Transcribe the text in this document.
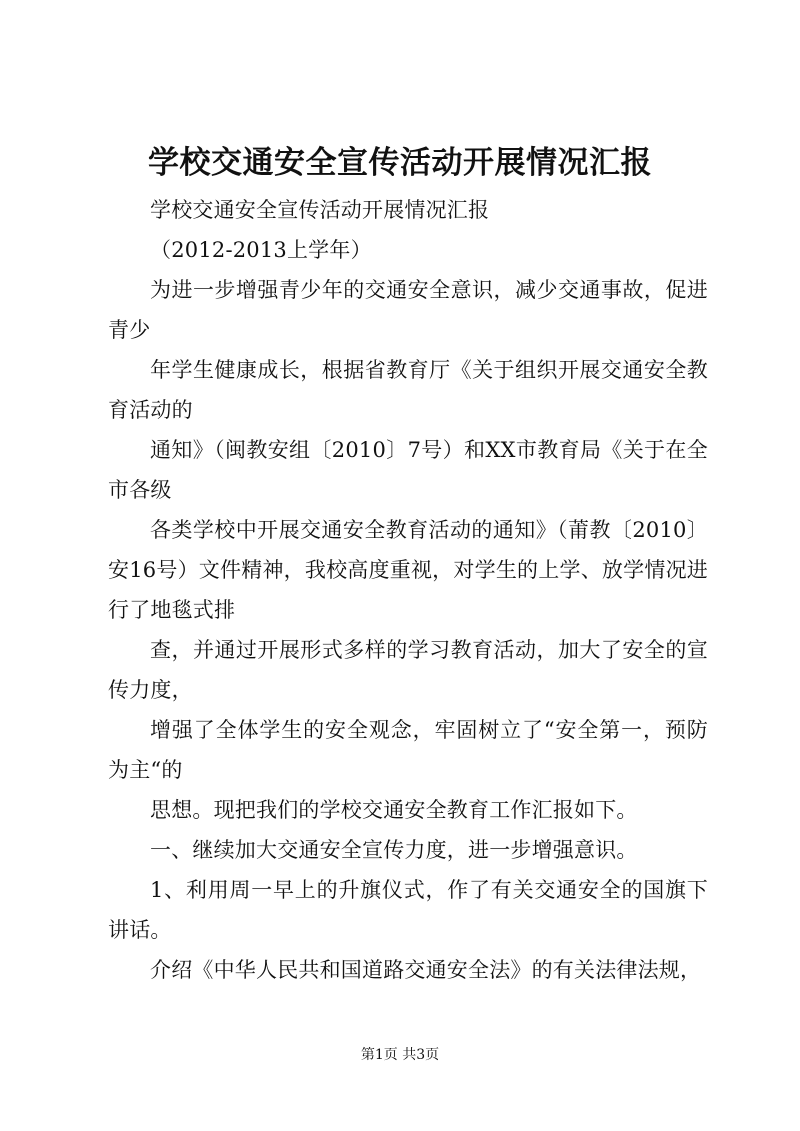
学校交通安全宣传活动开展情况汇报

学校交通安全宣传活动开展情况汇报

（2012-2013上学年）

为进一步增强青少年的交通安全意识，减少交通事故，促进青少

年学生健康成长，根据省教育厅《关于组织开展交通安全教育活动的

通知》（闽教安组〔2010〕7号）和XX市教育局《关于在全市各级

各类学校中开展交通安全教育活动的通知》（莆教〔2010〕安16号）文件精神，我校高度重视，对学生的上学、放学情况进行了地毯式排

查，并通过开展形式多样的学习教育活动，加大了安全的宣传力度，

增强了全体学生的安全观念，牢固树立了“安全第一，预防为主“的

思想。现把我们的学校交通安全教育工作汇报如下。

一、继续加大交通安全宣传力度，进一步增强意识。

1、利用周一早上的升旗仪式，作了有关交通安全的国旗下讲话。

介绍《中华人民共和国道路交通安全法》的有关法律法规，

第1页 共3页
